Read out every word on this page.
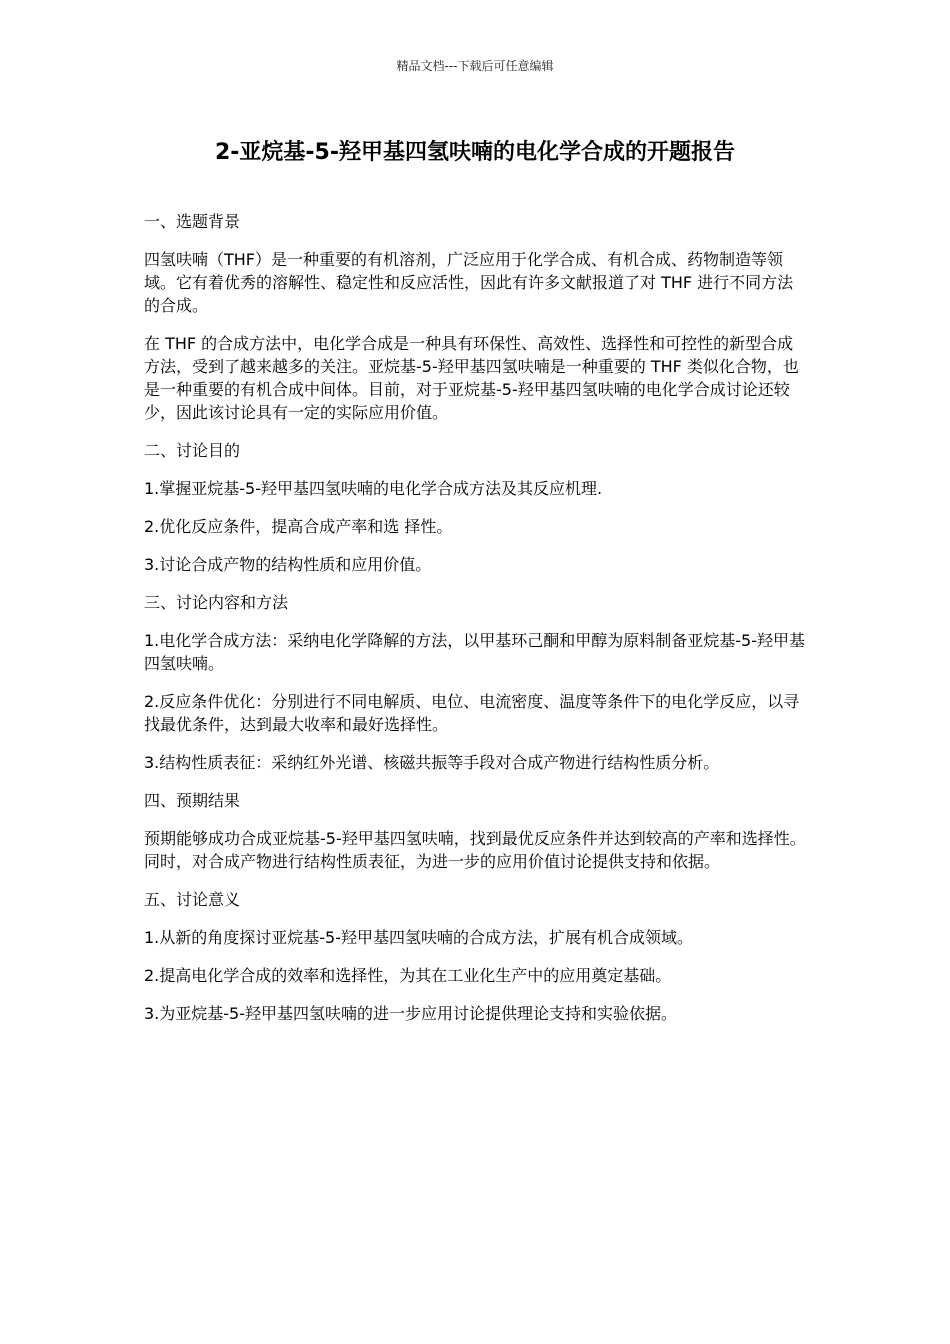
精品文档---下载后可任意编辑
2-亚烷基-5-羟甲基四氢呋喃的电化学合成的开题报告

一、选题背景

四氢呋喃（THF）是一种重要的有机溶剂，广泛应用于化学合成、有机合成、药物制造等领域。它有着优秀的溶解性、稳定性和反应活性，因此有许多文献报道了对 THF 进行不同方法的合成。

在 THF 的合成方法中，电化学合成是一种具有环保性、高效性、选择性和可控性的新型合成方法，受到了越来越多的关注。亚烷基-5-羟甲基四氢呋喃是一种重要的 THF 类似化合物，也是一种重要的有机合成中间体。目前，对于亚烷基-5-羟甲基四氢呋喃的电化学合成讨论还较少，因此该讨论具有一定的实际应用价值。

二、讨论目的

1.掌握亚烷基-5-羟甲基四氢呋喃的电化学合成方法及其反应机理.

2.优化反应条件，提高合成产率和选 择性。

3.讨论合成产物的结构性质和应用价值。

三、讨论内容和方法

1.电化学合成方法：采纳电化学降解的方法，以甲基环己酮和甲醇为原料制备亚烷基-5-羟甲基四氢呋喃。

2.反应条件优化：分别进行不同电解质、电位、电流密度、温度等条件下的电化学反应，以寻找最优条件，达到最大收率和最好选择性。

3.结构性质表征：采纳红外光谱、核磁共振等手段对合成产物进行结构性质分析。

四、预期结果

预期能够成功合成亚烷基-5-羟甲基四氢呋喃，找到最优反应条件并达到较高的产率和选择性。同时，对合成产物进行结构性质表征，为进一步的应用价值讨论提供支持和依据。

五、讨论意义

1.从新的角度探讨亚烷基-5-羟甲基四氢呋喃的合成方法，扩展有机合成领域。

2.提高电化学合成的效率和选择性，为其在工业化生产中的应用奠定基础。

3.为亚烷基-5-羟甲基四氢呋喃的进一步应用讨论提供理论支持和实验依据。
